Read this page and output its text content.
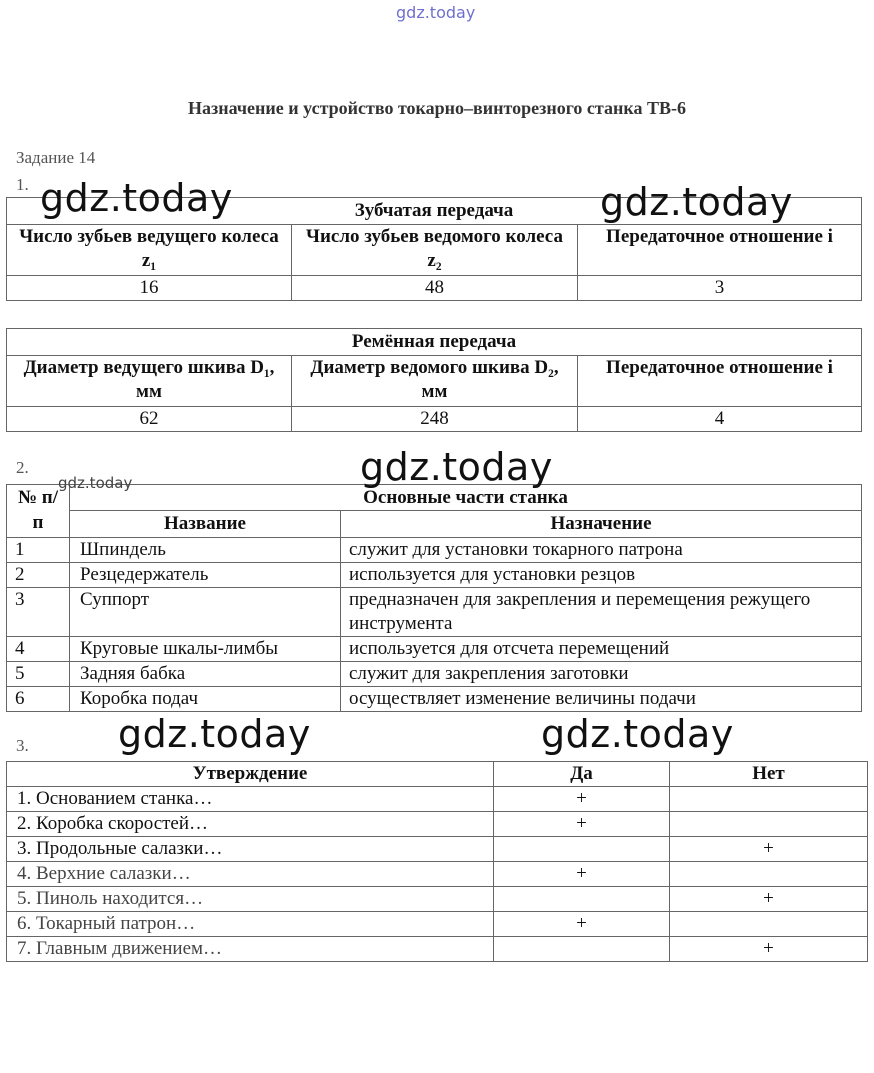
gdz.today
Назначение и устройство токарно–винторезного станка ТВ-6
Задание 14
1.
Зубчатая передача		
Число зубьев ведущего колеса z₁	Число зубьев ведомого колеса z₂	Передаточное отношение i
16	48	3
Ремённая передача		
Диаметр ведущего шкива D₁, мм	Диаметр ведомого шкива D₂, мм	Передаточное отношение i
62	248	4
2.
№ п/п	Основные части станка	
	Название	Назначение
1	Шпиндель	служит для установки токарного патрона
2	Резцедержатель	используется для установки резцов
3	Суппорт	предназначен для закрепления и перемещения режущего инструмента
4	Круговые шкалы-лимбы	используется для отсчета перемещений
5	Задняя бабка	служит для закрепления заготовки
6	Коробка подач	осуществляет изменение величины подачи
3.
Утверждение	Да	Нет
1. Основанием станка…	+	
2. Коробка скоростей…	+	
3. Продольные салазки…		+
4. Верхние салазки…	+	
5. Пиноль находится…		+
6. Токарный патрон…	+	
7. Главным движением…		+
gdz.today	gdz.today
gdz.today
gdz.today
gdz.today	gdz.today
